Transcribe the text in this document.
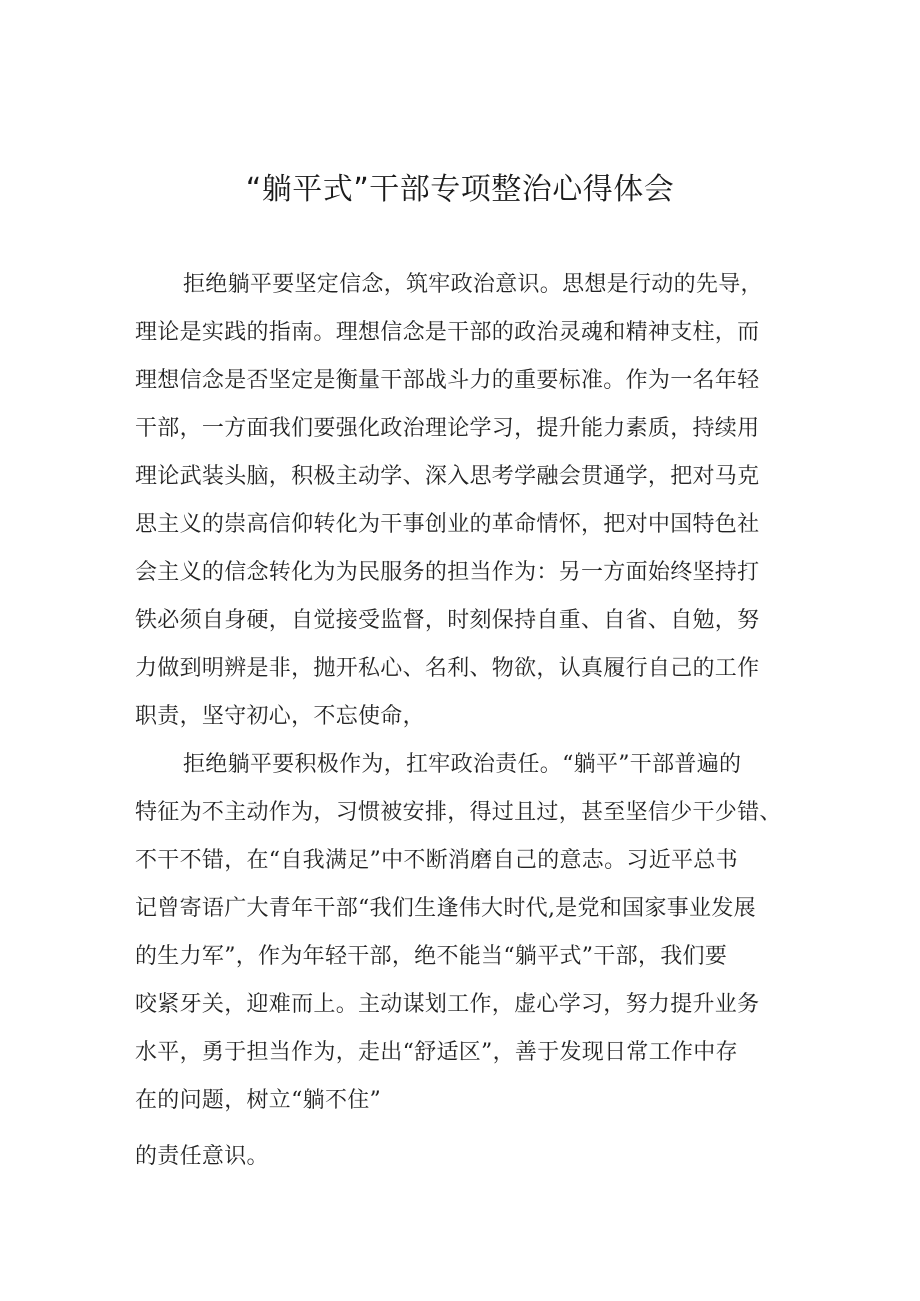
“躺平式”干部专项整治心得体会
拒绝躺平要坚定信念，筑牢政治意识。思想是行动的先导，
理论是实践的指南。理想信念是干部的政治灵魂和精神支柱，而
理想信念是否坚定是衡量干部战斗力的重要标准。作为一名年轻
干部，一方面我们要强化政治理论学习，提升能力素质，持续用
理论武装头脑，积极主动学、深入思考学融会贯通学，把对马克
思主义的崇高信仰转化为干事创业的革命情怀，把对中国特色社
会主义的信念转化为为民服务的担当作为：另一方面始终坚持打
铁必须自身硬，自觉接受监督，时刻保持自重、自省、自勉，努
力做到明辨是非，抛开私心、名利、物欲，认真履行自己的工作
职责，坚守初心，不忘使命，
拒绝躺平要积极作为，扛牢政治责任。“躺平”干部普遍的
特征为不主动作为，习惯被安排，得过且过，甚至坚信少干少错、
不干不错，在“自我满足”中不断消磨自己的意志。习近平总书
记曾寄语广大青年干部“我们生逢伟大时代,是党和国家事业发展
的生力军”，作为年轻干部，绝不能当“躺平式”干部，我们要
咬紧牙关，迎难而上。主动谋划工作，虚心学习，努力提升业务
水平，勇于担当作为，走出“舒适区”，善于发现日常工作中存
在的问题，树立“躺不住”
的责任意识。
